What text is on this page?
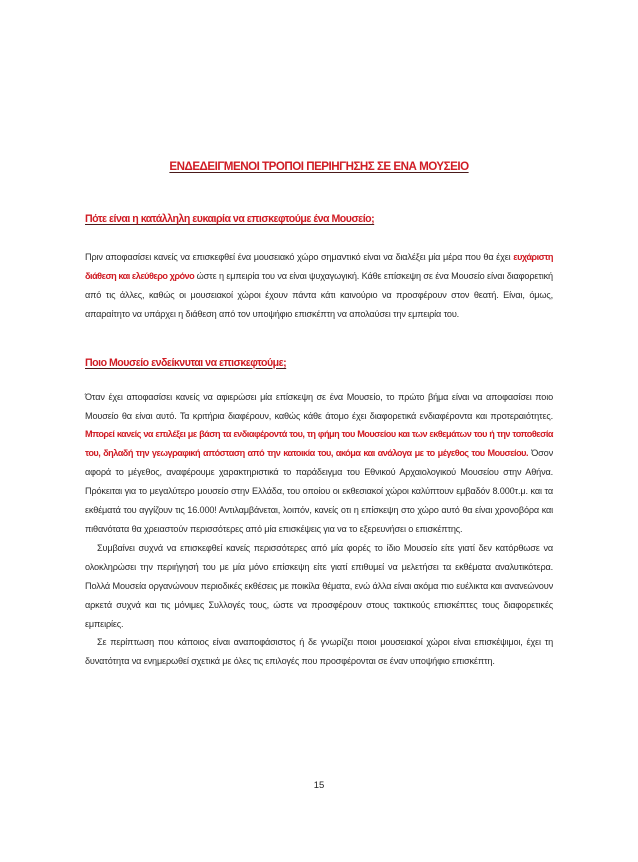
ΕΝΔΕΔΕΙΓΜΕΝΟΙ ΤΡΟΠΟΙ ΠΕΡΙΗΓΗΣΗΣ ΣΕ ΕΝΑ ΜΟΥΣΕΙΟ
Πότε είναι η κατάλληλη ευκαιρία να επισκεφτούμε ένα Μουσείο;

Πριν αποφασίσει κανείς να επισκεφθεί ένα μουσειακό χώρο σημαντικό είναι να διαλέξει μία μέρα που θα έχει ευχάριστη διάθεση και ελεύθερο χρόνο ώστε η εμπειρία του να είναι ψυχαγωγική. Κάθε επίσκεψη σε ένα Μουσείο είναι διαφορετική από τις άλλες, καθώς οι μουσειακοί χώροι έχουν πάντα κάτι καινούριο να προσφέρουν στον θεατή. Είναι, όμως, απαραίτητο να υπάρχει η διάθεση από τον υποψήφιο επισκέπτη να απολαύσει την εμπειρία του.

Ποιο Μουσείο ενδείκνυται να επισκεφτούμε;

Όταν έχει αποφασίσει κανείς να αφιερώσει μία επίσκεψη σε ένα Μουσείο, το πρώτο βήμα είναι να αποφασίσει ποιο Μουσείο θα είναι αυτό. Τα κριτήρια διαφέρουν, καθώς κάθε άτομο έχει διαφορετικά ενδιαφέροντα και προτεραιότητες. Μπορεί κανείς να επιλέξει με βάση τα ενδιαφέροντά του, τη φήμη του Μουσείου και των εκθεμάτων του ή την τοποθεσία του, δηλαδή την γεωγραφική απόσταση από την κατοικία του, ακόμα και ανάλογα με το μέγεθος του Μουσείου. Όσον αφορά το μέγεθος, αναφέρουμε χαρακτηριστικά το παράδειγμα του Εθνικού Αρχαιολογικού Μουσείου στην Αθήνα. Πρόκειται για το μεγαλύτερο μουσείο στην Ελλάδα, του οποίου οι εκθεσιακοί χώροι καλύπτουν εμβαδόν 8.000τ.μ. και τα εκθέματά του αγγίζουν τις 16.000! Αντιλαμβάνεται, λοιπόν, κανείς οτι η επίσκεψη στο χώρο αυτό θα είναι χρονοβόρα και πιθανότατα θα χρειαστούν περισσότερες από μία επισκέψεις για να το εξερευνήσει ο επισκέπτης.

Συμβαίνει συχνά να επισκεφθεί κανείς περισσότερες από μία φορές το ίδιο Μουσείο είτε γιατί δεν κατόρθωσε να ολοκληρώσει την περιήγησή του με μία μόνο επίσκεψη είτε γιατί επιθυμεί να μελετήσει τα εκθέματα αναλυτικότερα. Πολλά Μουσεία οργανώνουν περιοδικές εκθέσεις με ποικίλα θέματα, ενώ άλλα είναι ακόμα πιο ευέλικτα και ανανεώνουν αρκετά συχνά και τις μόνιμες Συλλογές τους, ώστε να προσφέρουν στους τακτικούς επισκέπτες τους διαφορετικές εμπειρίες.

Σε περίπτωση που κάποιος είναι αναποφάσιστος ή δε γνωρίζει ποιοι μουσειακοί χώροι είναι επισκέψιμοι, έχει τη δυνατότητα να ενημερωθεί σχετικά με όλες τις επιλογές που προσφέρονται σε έναν υποψήφιο επισκέπτη.

15
